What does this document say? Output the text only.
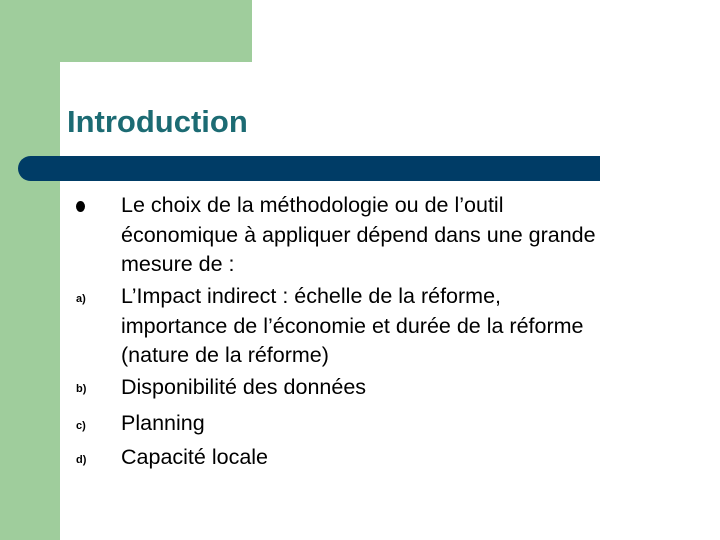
Introduction

Le choix de la méthodologie ou de l’outil
économique à appliquer dépend dans une grande
mesure de :

a) L’Impact indirect : échelle de la réforme,
importance de l’économie et durée de la réforme
(nature de la réforme)

b) Disponibilité des données

c) Planning

d) Capacité locale
